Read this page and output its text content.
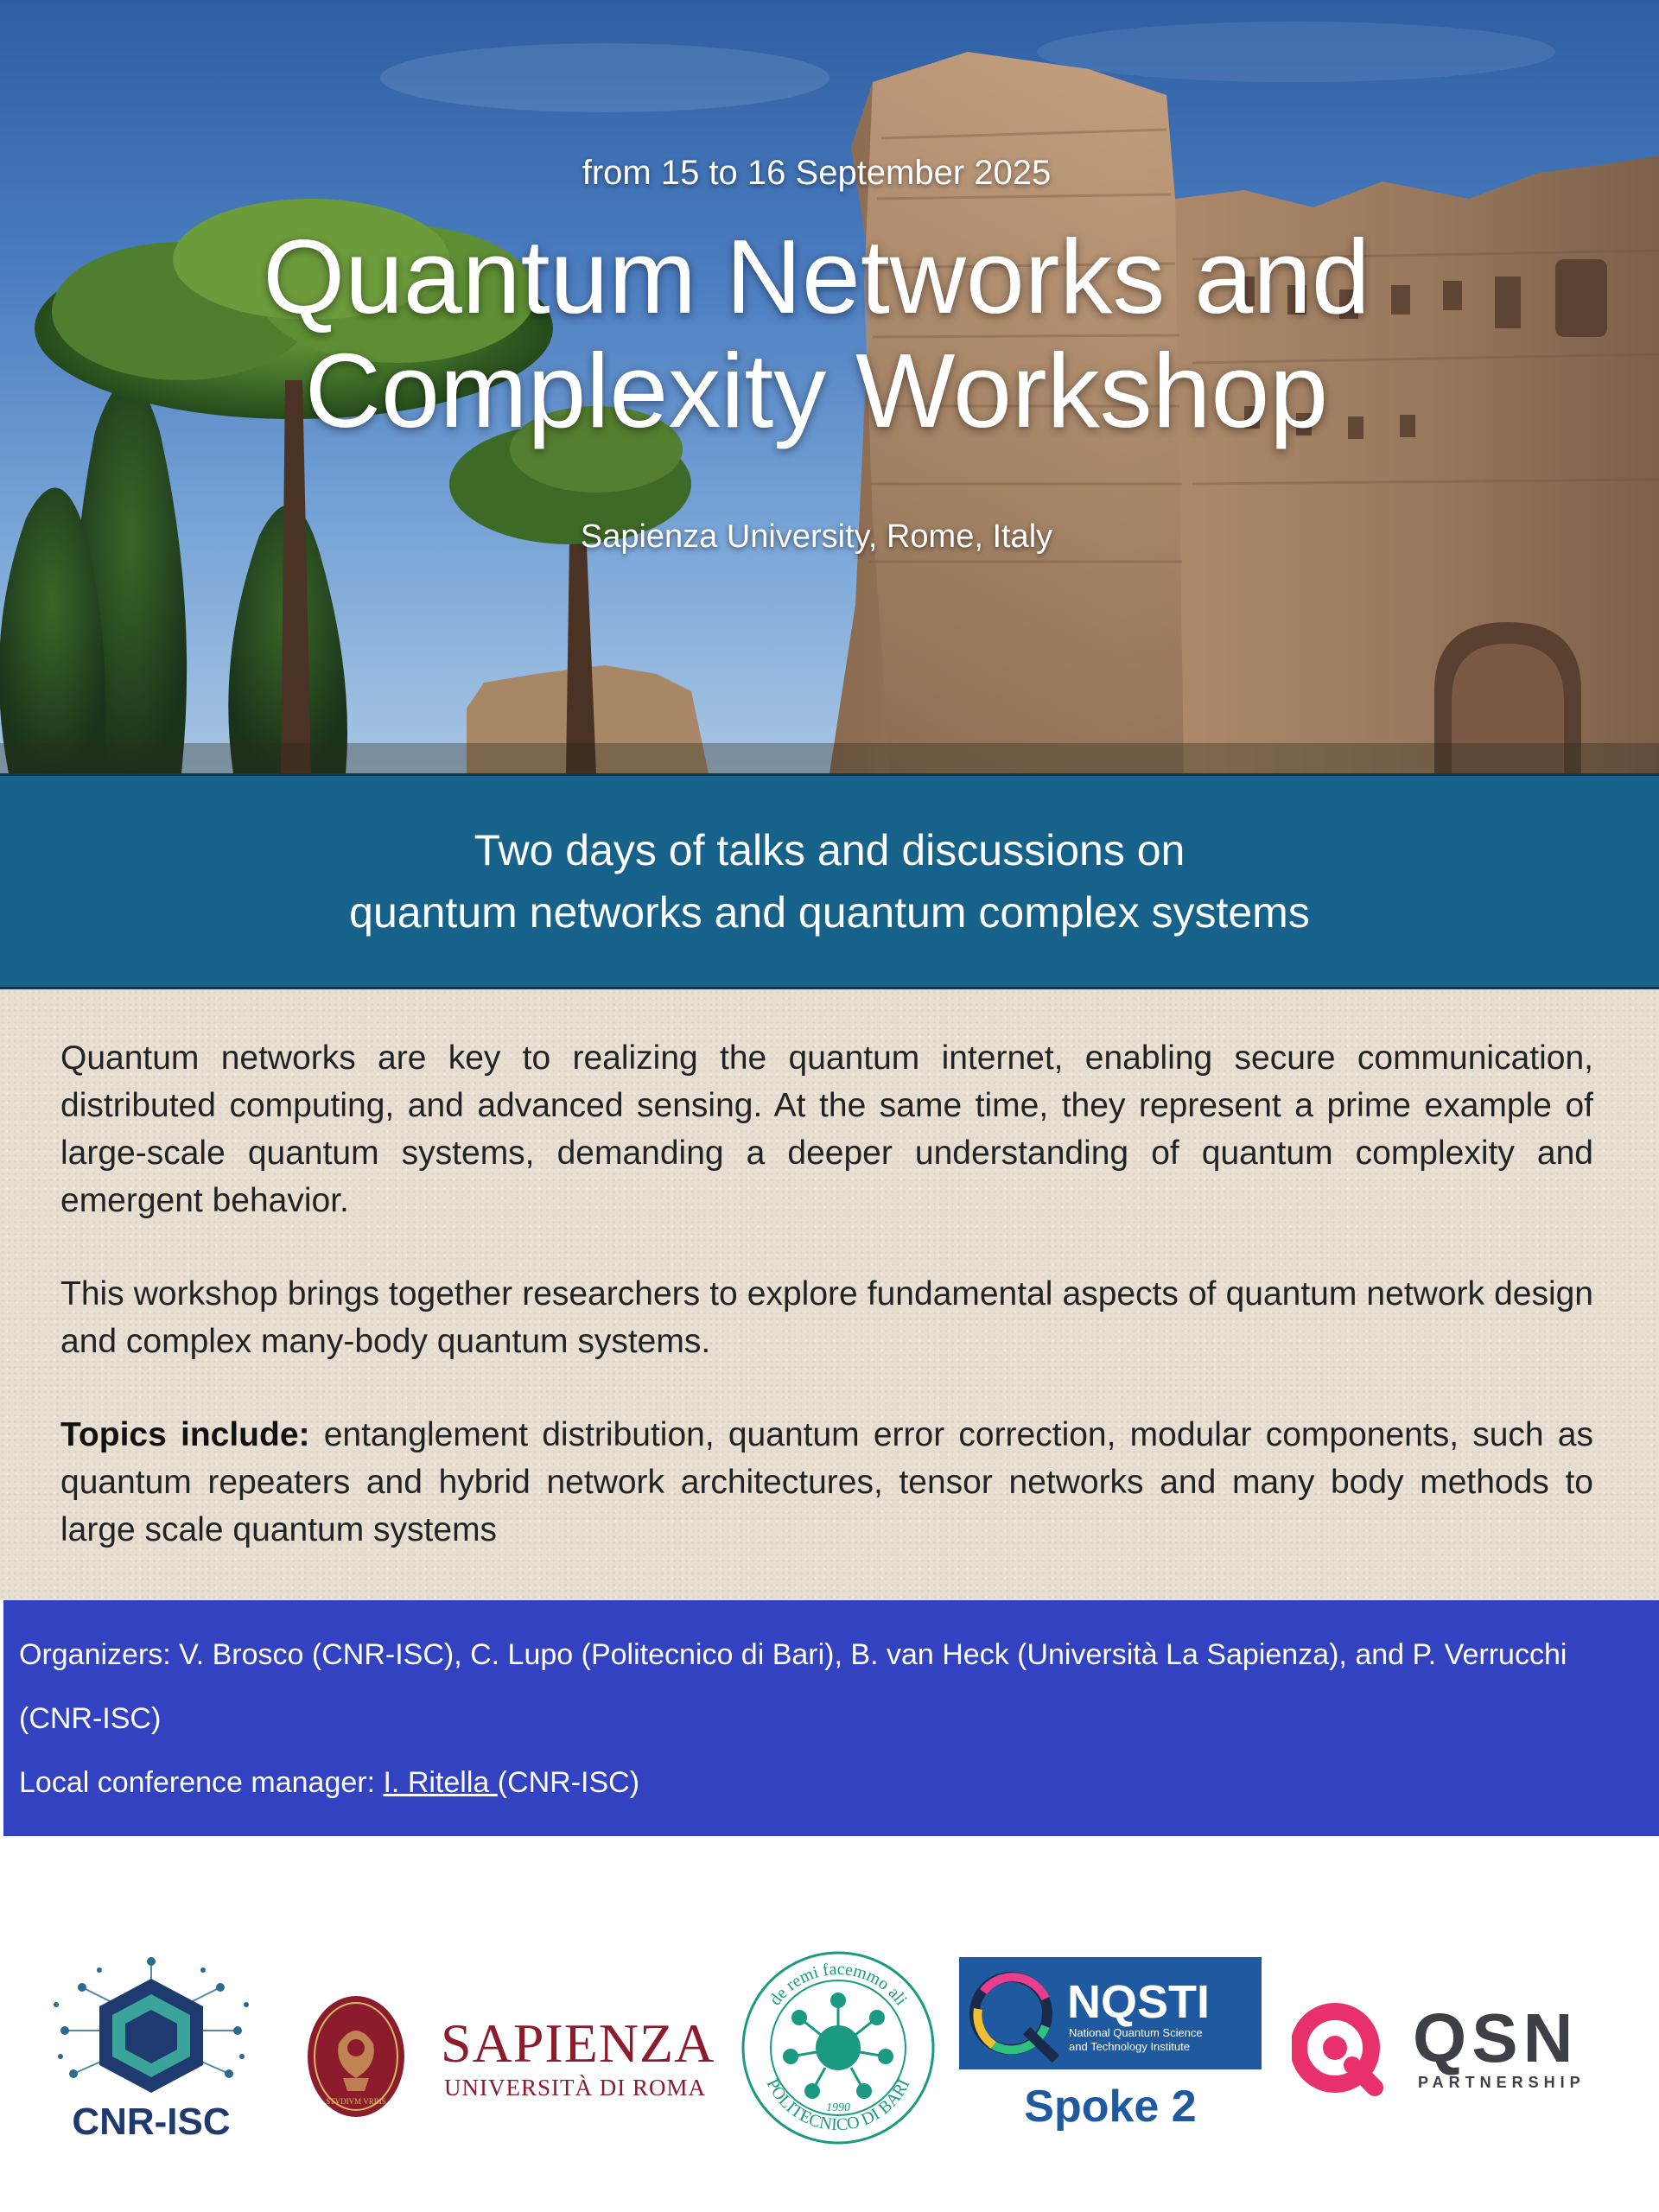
from 15 to 16 September 2025
Quantum Networks and
Complexity Workshop
Sapienza University, Rome, Italy

Two days of talks and discussions on

quantum networks and quantum complex systems

Quantum networks are key to realizing the quantum internet, enabling secure communication, distributed computing, and advanced sensing. At the same time, they represent a prime example of large-scale quantum systems, demanding a deeper understanding of quantum complexity and emergent behavior.

This workshop brings together researchers to explore fundamental aspects of quantum network design and complex many-body quantum systems.

Topics include: entanglement distribution, quantum error correction, modular components, such as quantum repeaters and hybrid network architectures, tensor networks and many body methods to large scale quantum systems

Organizers: V. Brosco (CNR-ISC), C. Lupo (Politecnico di Bari), B. van Heck (Università La Sapienza), and P. Verrucchi (CNR-ISC)

Local conference manager: I. Ritella (CNR-ISC)

CNR-ISC	STVDIVM VRBIS
SAPIENZA
UNIVERSITÀ DI ROMA
de remi facemmo ali
POLITECNICO DI BARI
1990
NQSTI
National Quantum Science
and Technology Institute
Spoke 2
QSN
PARTNERSHIP
